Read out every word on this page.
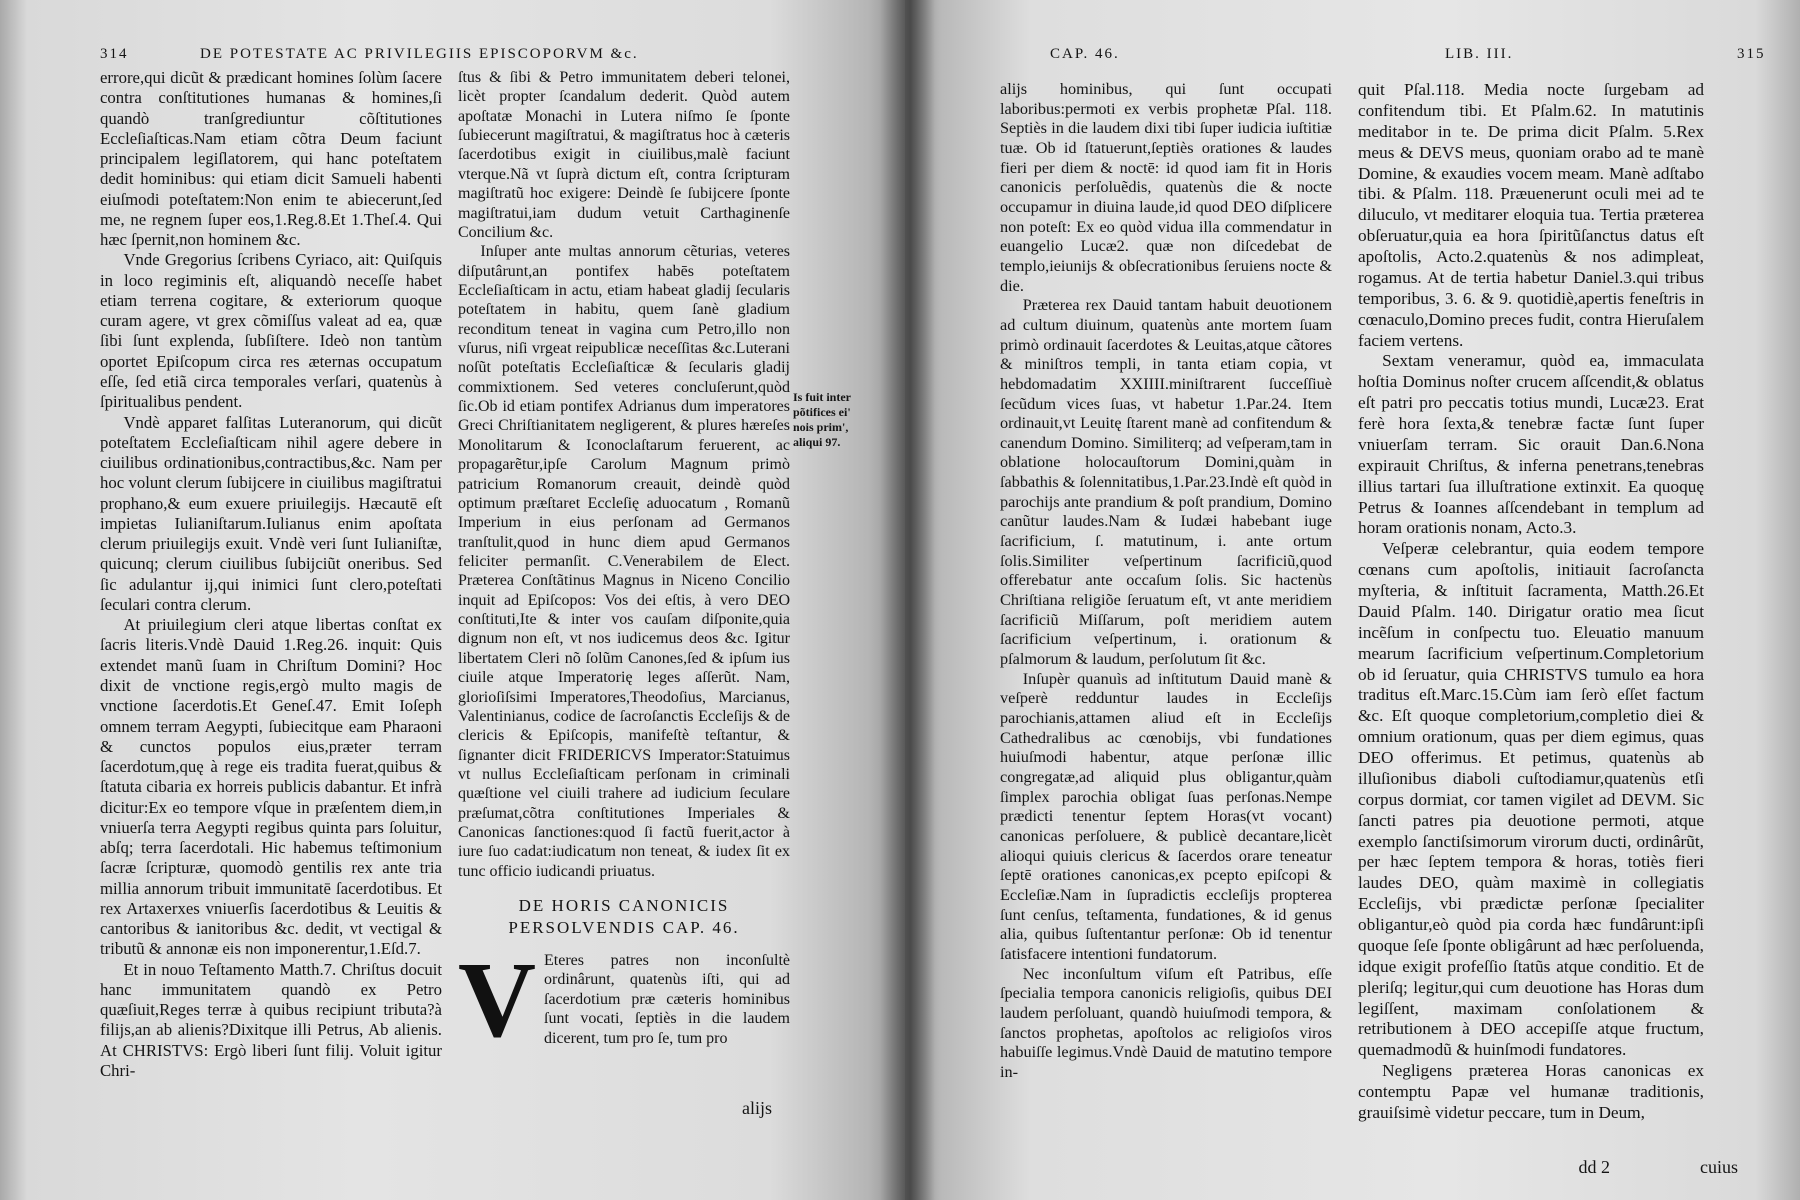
314	DE POTESTATE AC PRIVILEGIIS EPISCOPORVM &c.

errore,qui dicũt & prædicant homines ſolùm ſacere contra conſtitutiones humanas & homines,ſi quandò tranſgrediuntur cõſtitutiones Eccleſiaſticas.Nam etiam cõtra Deum faciunt principalem legiſlatorem, qui hanc poteſtatem dedit hominibus: qui etiam dicit Samueli habenti eiuſmodi poteſtatem:Non enim te abiecerunt,ſed me, ne regnem ſuper eos,1.Reg.8.Et 1.Theſ.4. Qui hæc ſpernit,non hominem &c.

Vnde Gregorius ſcribens Cyriaco, ait: Quiſquis in loco regiminis eſt, aliquandò neceſſe habet etiam terrena cogitare, & exteriorum quoque curam agere, vt grex cõmiſſus valeat ad ea, quæ ſibi ſunt explenda, ſubſiſtere. Ideò non tantùm oportet Epiſcopum circa res æternas occupatum eſſe, ſed etiã circa temporales verſari, quatenùs à ſpiritualibus pendent.

Vndè apparet falſitas Luteranorum, qui dicũt poteſtatem Eccleſiaſticam nihil agere debere in ciuilibus ordinationibus,contractibus,&c. Nam per hoc volunt clerum ſubijcere in ciuilibus magiſtratui prophano,& eum exuere priuilegijs. Hæcautē eſt impietas Iulianiſtarum.Iulianus enim apoſtata clerum priuilegijs exuit. Vndè veri ſunt Iulianiſtæ, quicunq; clerum ciuilibus ſubijciũt oneribus. Sed ſic adulantur ij,qui inimici ſunt clero,poteſtati ſeculari contra clerum.

At priuilegium cleri atque libertas conſtat ex ſacris literis.Vndè Dauid 1.Reg.26. inquit: Quis extendet manũ ſuam in Chriſtum Domini? Hoc dixit de vnctione regis,ergò multo magis de vnctione ſacerdotis.Et Geneſ.47. Emit Ioſeph omnem terram Aegypti, ſubiecitque eam Pharaoni & cunctos populos eius,præter terram ſacerdotum,quę à rege eis tradita fuerat,quibus & ſtatuta cibaria ex horreis publicis dabantur. Et infrà dicitur:Ex eo tempore vſque in præſentem diem,in vniuerſa terra Aegypti regibus quinta pars ſoluitur, abſq; terra ſacerdotali. Hic habemus teſtimonium ſacræ ſcripturæ, quomodò gentilis rex ante tria millia annorum tribuit immunitatē ſacerdotibus. Et rex Artaxerxes vniuerſis ſacerdotibus & Leuitis & cantoribus & ianitoribus &c. dedit, vt vectigal & tributũ & annonæ eis non imponerentur,1.Eſd.7.

Et in nouo Teſtamento Matth.7. Chriſtus docuit hanc immunitatem quandò ex Petro quæſiuit,Reges terræ à quibus recipiunt tributa?à filijs,an ab alienis?Dixitque illi Petrus, Ab alienis. At CHRISTVS: Ergò liberi ſunt filij. Voluit igitur Chri-

ſtus & ſibi & Petro immunitatem deberi telonei, licèt propter ſcandalum dederit. Quòd autem apoſtatæ Monachi in Lutera niſmo ſe ſponte ſubiecerunt magiſtratui, & magiſtratus hoc à cæteris ſacerdotibus exigit in ciuilibus,malè faciunt vterque.Nã vt ſuprà dictum eſt, contra ſcripturam magiſtratũ hoc exigere: Deindè ſe ſubijcere ſponte magiſtratui,iam dudum vetuit Carthaginenſe Concilium &c.

Inſuper ante multas annorum cẽturias, veteres diſputârunt,an pontifex habēs poteſtatem Eccleſiaſticam in actu, etiam habeat gladij ſecularis poteſtatem in habitu, quem ſanè gladium reconditum teneat in vagina cum Petro,illo non vſurus, niſi vrgeat reipublicæ neceſſitas &c.Luterani noſũt poteſtatis Eccleſiaſticæ & ſecularis gladij commixtionem. Sed veteres concluſerunt,quòd ſic.Ob id etiam pontifex Adrianus dum imperatores Greci Chriſtianitatem negligerent, & plures hæreſes Monolitarum & Iconoclaſtarum feruerent, ac propagarẽtur,ipſe Carolum Magnum primò patricium Romanorum creauit, deindè quòd optimum præſtaret Eccleſię aduocatum , Romanũ Imperium in eius perſonam ad Germanos tranſtulit,quod in hunc diem apud Germanos feliciter permanſit. C.Venerabilem de Elect. Præterea Conſtãtinus Magnus in Niceno Concilio inquit ad Epiſcopos: Vos dei eſtis, à vero DEO conſtituti,Ite & inter vos cauſam diſponite,quia dignum non eſt, vt nos iudicemus deos &c. Igitur libertatem Cleri nõ ſolũm Canones,ſed & ipſum ius ciuile atque Imperatorię leges aſſerũt. Nam, glorioſiſsimi Imperatores,Theodoſius, Marcianus, Valentinianus, codice de ſacroſanctis Eccleſijs & de clericis & Epiſcopis, manifeſtè teſtantur, & ſignanter dicit FRIDERICVS Imperator:Statuimus vt nullus Eccleſiaſticam perſonam in criminali quæſtione vel ciuili trahere ad iudicium ſeculare præſumat,cõtra conſtitutiones Imperiales & Canonicas ſanctiones:quod ſi factũ fuerit,actor à iure ſuo cadat:iudicatum non teneat, & iudex ſit ex tunc officio iudicandi priuatus.

DE HORIS CANONICIS PERSOLVENDIS CAP. 46.

V Eteres patres non inconſultè ordinârunt, quatenùs iſti, qui ad ſacerdotium præ cæteris hominibus ſunt vocati, ſeptiès in die laudem dicerent, tum pro ſe, tum pro

alijs
Is fuit inter põtifices ei' nois prim', aliqui 97.
CAP. 46.	LIB. III.	315

alijs hominibus, qui ſunt occupati laboribus:permoti ex verbis prophetæ Pſal. 118. Septiès in die laudem dixi tibi ſuper iudicia iuſtitiæ tuæ. Ob id ſtatuerunt,ſeptiès orationes & laudes fieri per diem & noctē: id quod iam fit in Horis canonicis perſoluẽdis, quatenùs die & nocte occupamur in diuina laude,id quod DEO diſplicere non poteſt: Ex eo quòd vidua illa commendatur in euangelio Lucæ2. quæ non diſcedebat de templo,ieiunijs & obſecrationibus ſeruiens nocte & die.

Præterea rex Dauid tantam habuit deuotionem ad cultum diuinum, quatenùs ante mortem ſuam primò ordinauit ſacerdotes & Leuitas,atque cãtores & miniſtros templi, in tanta etiam copia, vt hebdomadatim XXIIII.miniſtrarent ſucceſſiuè ſecũdum vices ſuas, vt habetur 1.Par.24. Item ordinauit,vt Leuitę ſtarent manè ad confitendum & canendum Domino. Similiterq; ad veſperam,tam in oblatione holocauſtorum Domini,quàm in ſabbathis & ſolennitatibus,1.Par.23.Indè eſt quòd in parochijs ante prandium & poſt prandium, Domino canũtur laudes.Nam & Iudæi habebant iuge ſacrificium, ſ. matutinum, i. ante ortum ſolis.Similiter veſpertinum ſacrificiũ,quod offerebatur ante occaſum ſolis. Sic hactenùs Chriſtiana religiõe ſeruatum eſt, vt ante meridiem ſacrificiũ Miſſarum, poſt meridiem autem ſacrificium veſpertinum, i. orationum & pſalmorum & laudum, perſolutum ſit &c.

Inſupèr quanuìs ad inſtitutum Dauid manè & veſperè redduntur laudes in Eccleſijs parochianis,attamen aliud eſt in Eccleſijs Cathedralibus ac cœnobijs, vbi fundationes huiuſmodi habentur, atque perſonæ illic congregatæ,ad aliquid plus obligantur,quàm ſimplex parochia obligat ſuas perſonas.Nempe prædicti tenentur ſeptem Horas(vt vocant) canonicas perſoluere, & publicè decantare,licèt alioqui quiuis clericus & ſacerdos orare teneatur ſeptē orationes canonicas,ex pcepto epiſcopi & Eccleſiæ.Nam in ſupradictis eccleſijs propterea ſunt cenſus, teſtamenta, fundationes, & id genus alia, quibus ſuſtentantur perſonæ: Ob id tenentur ſatisfacere intentioni fundatorum.

Nec inconſultum viſum eſt Patribus, eſſe ſpecialia tempora canonicis religioſis, quibus DEI laudem perſoluant, quandò huiuſmodi tempora, & ſanctos prophetas, apoſtolos ac religioſos viros habuiſſe legimus.Vndè Dauid de matutino tempore in-

quit Pſal.118. Media nocte ſurgebam ad confitendum tibi. Et Pſalm.62. In matutinis meditabor in te. De prima dicit Pſalm. 5.Rex meus & DEVS meus, quoniam orabo ad te manè Domine, & exaudies vocem meam. Manè adſtabo tibi. & Pſalm. 118. Præuenerunt oculi mei ad te diluculo, vt meditarer eloquia tua. Tertia præterea obſeruatur,quia ea hora ſpiritũſanctus datus eſt apoſtolis, Acto.2.quatenùs & nos adimpleat, rogamus. At de tertia habetur Daniel.3.qui tribus temporibus, 3. 6. & 9. quotidiè,apertis feneſtris in cœnaculo,Domino preces fudit, contra Hieruſalem faciem vertens.

Sextam veneramur, quòd ea, immaculata hoſtia Dominus noſter crucem aſſcendit,& oblatus eſt patri pro peccatis totius mundi, Lucæ23. Erat ferè hora ſexta,& tenebræ factæ ſunt ſuper vniuerſam terram. Sic orauit Dan.6.Nona expirauit Chriſtus, & inferna penetrans,tenebras illius tartari ſua illuſtratione extinxit. Ea quoquę Petrus & Ioannes aſſcendebant in templum ad horam orationis nonam, Acto.3.

Veſperæ celebrantur, quia eodem tempore cœnans cum apoſtolis, initiauit ſacroſancta myſteria, & inſtituit ſacramenta, Matth.26.Et Dauid Pſalm. 140. Dirigatur oratio mea ſicut incẽſum in conſpectu tuo. Eleuatio manuum mearum ſacrificium veſpertinum.Completorium ob id ſeruatur, quia CHRISTVS tumulo ea hora traditus eſt.Marc.15.Cùm iam ſerò eſſet factum &c. Eſt quoque completorium,completio diei & omnium orationum, quas per diem egimus, quas DEO offerimus. Et petimus, quatenùs ab illuſionibus diaboli cuſtodiamur,quatenùs etſi corpus dormiat, cor tamen vigilet ad DEVM. Sic ſancti patres pia deuotione permoti, atque exemplo ſanctiſsimorum virorum ducti, ordinârũt, per hæc ſeptem tempora & horas, totiès fieri laudes DEO, quàm maximè in collegiatis Eccleſijs, vbi prædictæ perſonæ ſpecialiter obligantur,eò quòd pia corda hæc fundârunt:ipſi quoque ſeſe ſponte obligârunt ad hæc perſoluenda, idque exigit profeſſio ſtatũs atque conditio. Et de pleriſq; legitur,qui cum deuotione has Horas dum legiſſent, maximam conſolationem & retributionem à DEO accepiſſe atque fructum, quemadmodũ & huinſmodi fundatores.

Negligens præterea Horas canonicas ex contemptu Papæ vel humanæ traditionis, grauiſsimè videtur peccare, tum in Deum,

dd 2	cuius
